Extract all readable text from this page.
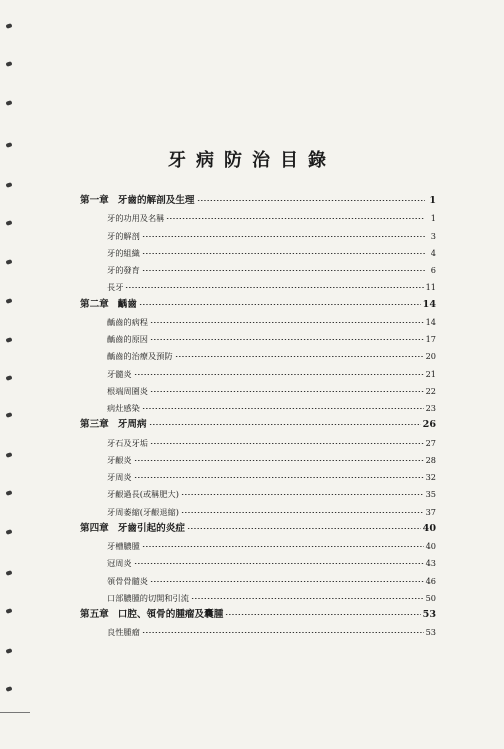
牙病防治目錄
第一章 牙齒的解剖及生理	1
牙的功用及名稱	1
牙的解剖	3
牙的組織	4
牙的發育	6
長牙	11
第二章 齲齒	14
齲齒的病程	14
齲齒的原因	17
齲齒的治療及預防	20
牙髓炎	21
根端周圍炎	22
病灶感染	23
第三章 牙周病	26
牙石及牙垢	27
牙齦炎	28
牙周炎	32
牙齦過長(或稱肥大)	35
牙周萎縮(牙齦退縮)	37
第四章 牙齒引起的炎症	40
牙槽膿腫	40
冠周炎	43
領骨骨髓炎	46
口部膿腫的切開和引流	50
第五章 口腔、領骨的腫瘤及囊腫	53
良性腫瘤	53
